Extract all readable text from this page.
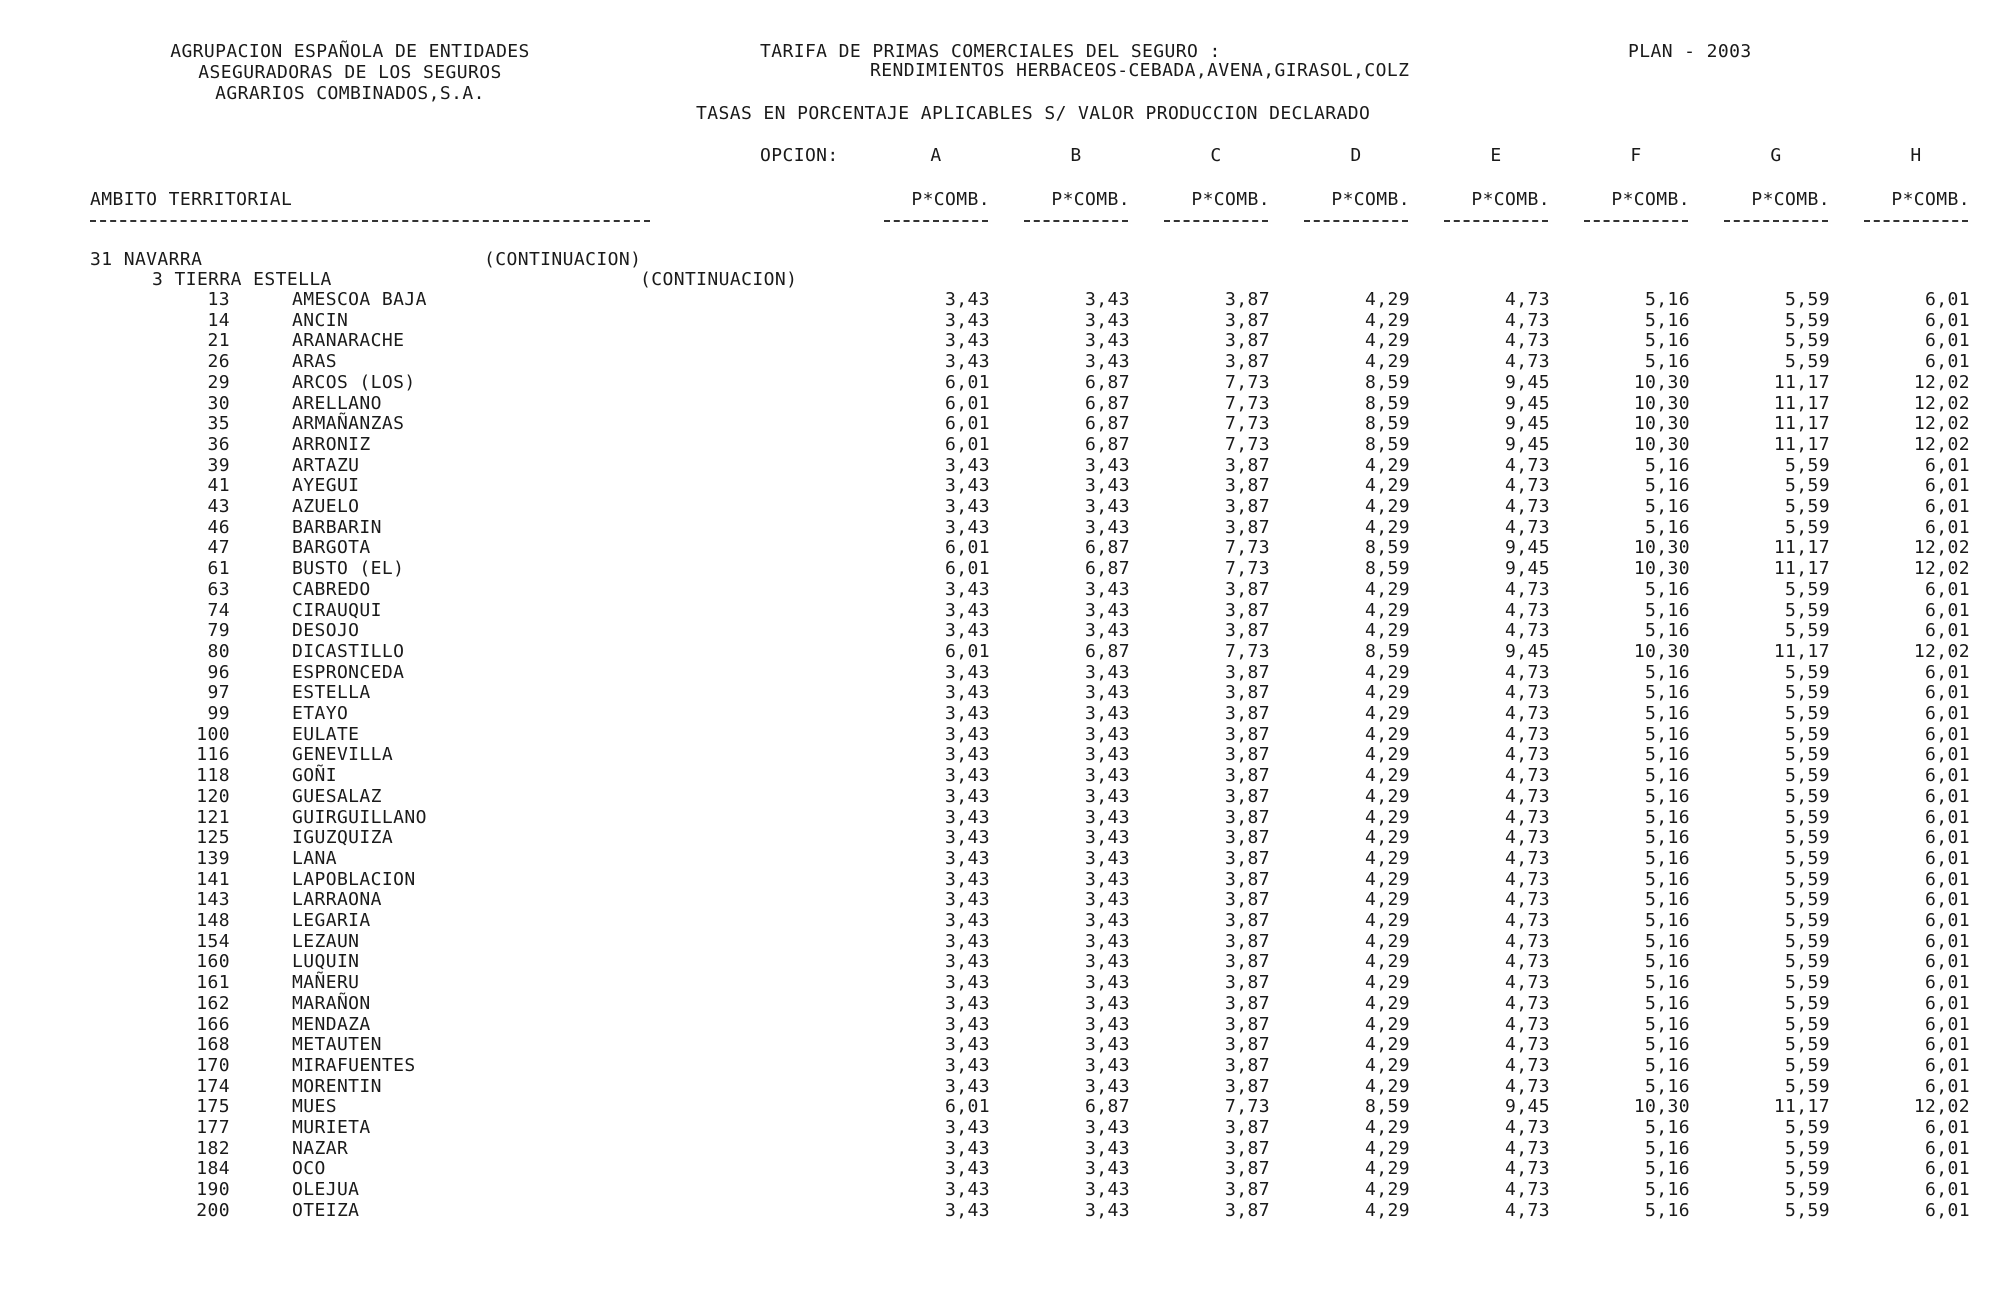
AGRUPACION ESPAÑOLA DE ENTIDADES
ASEGURADORAS DE LOS SEGUROS
AGRARIOS COMBINADOS,S.A.
TARIFA DE PRIMAS COMERCIALES DEL SEGURO :
RENDIMIENTOS HERBACEOS-CEBADA,AVENA,GIRASOL,COLZ
PLAN - 2003
TASAS EN PORCENTAJE APLICABLES S/ VALOR PRODUCCION DECLARADO
OPCION:	A	B	C	D	E	F	G	H
AMBITO TERRITORIAL	P*COMB.	P*COMB.	P*COMB.	P*COMB.	P*COMB.	P*COMB.	P*COMB.	P*COMB.
31 NAVARRA	(CONTINUACION)
3 TIERRA ESTELLA	(CONTINUACION)
13	AMESCOA BAJA	3,43	3,43	3,87	4,29	4,73	5,16	5,59	6,01
14	ANCIN	3,43	3,43	3,87	4,29	4,73	5,16	5,59	6,01
21	ARANARACHE	3,43	3,43	3,87	4,29	4,73	5,16	5,59	6,01
26	ARAS	3,43	3,43	3,87	4,29	4,73	5,16	5,59	6,01
29	ARCOS (LOS)	6,01	6,87	7,73	8,59	9,45	10,30	11,17	12,02
30	ARELLANO	6,01	6,87	7,73	8,59	9,45	10,30	11,17	12,02
35	ARMAÑANZAS	6,01	6,87	7,73	8,59	9,45	10,30	11,17	12,02
36	ARRONIZ	6,01	6,87	7,73	8,59	9,45	10,30	11,17	12,02
39	ARTAZU	3,43	3,43	3,87	4,29	4,73	5,16	5,59	6,01
41	AYEGUI	3,43	3,43	3,87	4,29	4,73	5,16	5,59	6,01
43	AZUELO	3,43	3,43	3,87	4,29	4,73	5,16	5,59	6,01
46	BARBARIN	3,43	3,43	3,87	4,29	4,73	5,16	5,59	6,01
47	BARGOTA	6,01	6,87	7,73	8,59	9,45	10,30	11,17	12,02
61	BUSTO (EL)	6,01	6,87	7,73	8,59	9,45	10,30	11,17	12,02
63	CABREDO	3,43	3,43	3,87	4,29	4,73	5,16	5,59	6,01
74	CIRAUQUI	3,43	3,43	3,87	4,29	4,73	5,16	5,59	6,01
79	DESOJO	3,43	3,43	3,87	4,29	4,73	5,16	5,59	6,01
80	DICASTILLO	6,01	6,87	7,73	8,59	9,45	10,30	11,17	12,02
96	ESPRONCEDA	3,43	3,43	3,87	4,29	4,73	5,16	5,59	6,01
97	ESTELLA	3,43	3,43	3,87	4,29	4,73	5,16	5,59	6,01
99	ETAYO	3,43	3,43	3,87	4,29	4,73	5,16	5,59	6,01
100	EULATE	3,43	3,43	3,87	4,29	4,73	5,16	5,59	6,01
116	GENEVILLA	3,43	3,43	3,87	4,29	4,73	5,16	5,59	6,01
118	GOÑI	3,43	3,43	3,87	4,29	4,73	5,16	5,59	6,01
120	GUESALAZ	3,43	3,43	3,87	4,29	4,73	5,16	5,59	6,01
121	GUIRGUILLANO	3,43	3,43	3,87	4,29	4,73	5,16	5,59	6,01
125	IGUZQUIZA	3,43	3,43	3,87	4,29	4,73	5,16	5,59	6,01
139	LANA	3,43	3,43	3,87	4,29	4,73	5,16	5,59	6,01
141	LAPOBLACION	3,43	3,43	3,87	4,29	4,73	5,16	5,59	6,01
143	LARRAONA	3,43	3,43	3,87	4,29	4,73	5,16	5,59	6,01
148	LEGARIA	3,43	3,43	3,87	4,29	4,73	5,16	5,59	6,01
154	LEZAUN	3,43	3,43	3,87	4,29	4,73	5,16	5,59	6,01
160	LUQUIN	3,43	3,43	3,87	4,29	4,73	5,16	5,59	6,01
161	MAÑERU	3,43	3,43	3,87	4,29	4,73	5,16	5,59	6,01
162	MARAÑON	3,43	3,43	3,87	4,29	4,73	5,16	5,59	6,01
166	MENDAZA	3,43	3,43	3,87	4,29	4,73	5,16	5,59	6,01
168	METAUTEN	3,43	3,43	3,87	4,29	4,73	5,16	5,59	6,01
170	MIRAFUENTES	3,43	3,43	3,87	4,29	4,73	5,16	5,59	6,01
174	MORENTIN	3,43	3,43	3,87	4,29	4,73	5,16	5,59	6,01
175	MUES	6,01	6,87	7,73	8,59	9,45	10,30	11,17	12,02
177	MURIETA	3,43	3,43	3,87	4,29	4,73	5,16	5,59	6,01
182	NAZAR	3,43	3,43	3,87	4,29	4,73	5,16	5,59	6,01
184	OCO	3,43	3,43	3,87	4,29	4,73	5,16	5,59	6,01
190	OLEJUA	3,43	3,43	3,87	4,29	4,73	5,16	5,59	6,01
200	OTEIZA	3,43	3,43	3,87	4,29	4,73	5,16	5,59	6,01
